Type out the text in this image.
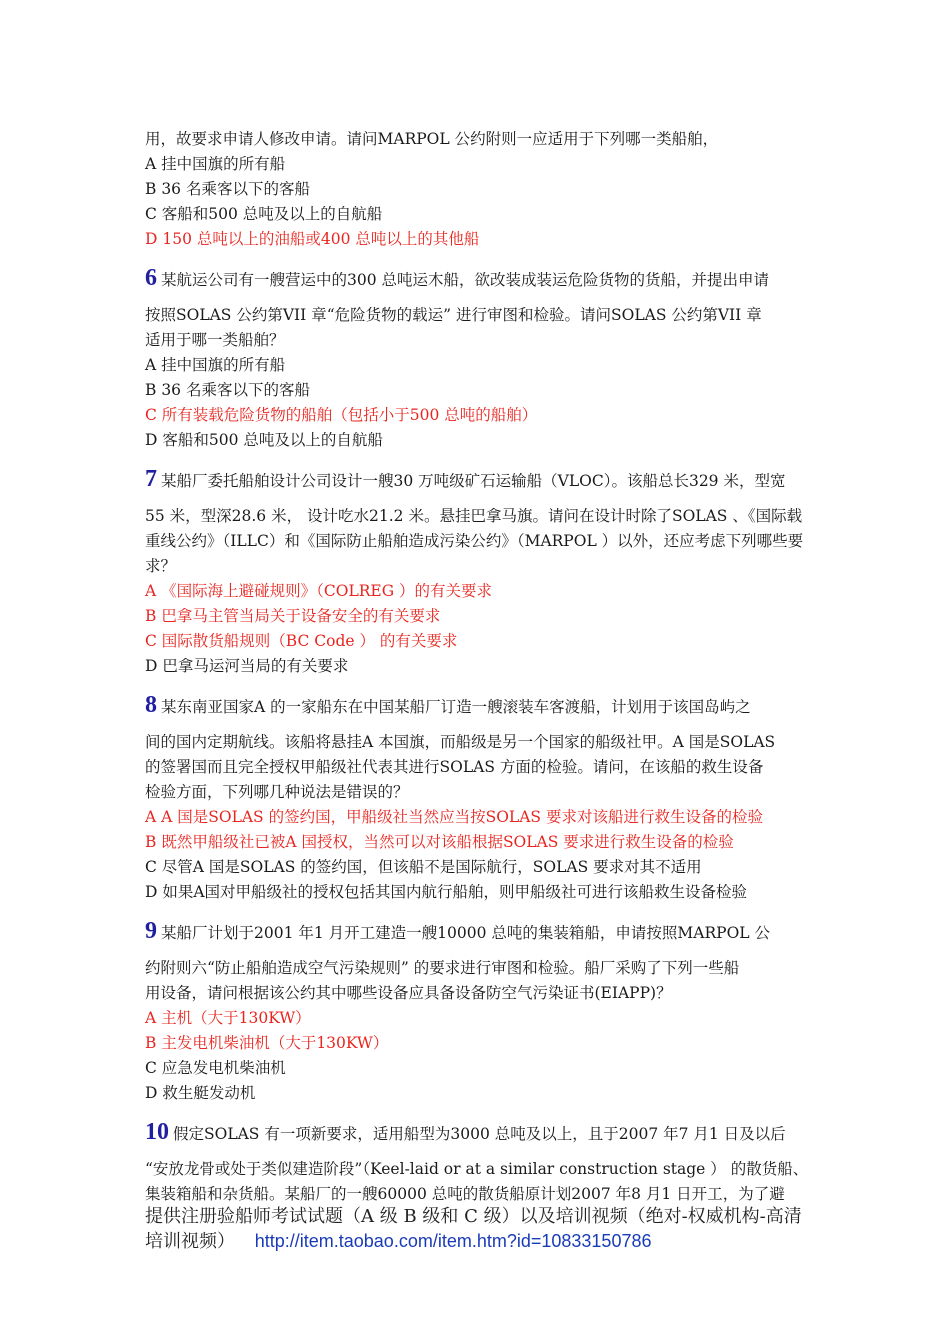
用，故要求申请人修改申请。请问MARPOL 公约附则一应适用于下列哪一类船舶，
A 挂中国旗的所有船
B 36 名乘客以下的客船
C 客船和500 总吨及以上的自航船
D 150 总吨以上的油船或400 总吨以上的其他船
6 某航运公司有一艘营运中的300 总吨运木船，欲改装成装运危险货物的货船，并提出申请
按照SOLAS 公约第VII 章“危险货物的载运” 进行审图和检验。请问SOLAS 公约第VII 章
适用于哪一类船舶？
A 挂中国旗的所有船
B 36 名乘客以下的客船
C 所有装载危险货物的船舶（包括小于500 总吨的船舶）
D 客船和500 总吨及以上的自航船
7 某船厂委托船舶设计公司设计一艘30 万吨级矿石运输船（VLOC）。该船总长329 米，型宽
55 米，型深28.6 米， 设计吃水21.2 米。悬挂巴拿马旗。请问在设计时除了SOLAS 、《国际载
重线公约》（ILLC）和《国际防止船舶造成污染公约》（MARPOL ）以外，还应考虑下列哪些要
求？
A 《国际海上避碰规则》（COLREG ）的有关要求
B 巴拿马主管当局关于设备安全的有关要求
C 国际散货船规则（BC Code ） 的有关要求
D 巴拿马运河当局的有关要求
8 某东南亚国家A 的一家船东在中国某船厂订造一艘滚装车客渡船，计划用于该国岛屿之
间的国内定期航线。该船将悬挂A 本国旗，而船级是另一个国家的船级社甲。A 国是SOLAS
的签署国而且完全授权甲船级社代表其进行SOLAS 方面的检验。请问，在该船的救生设备
检验方面，下列哪几种说法是错误的？
A A 国是SOLAS 的签约国，甲船级社当然应当按SOLAS 要求对该船进行救生设备的检验
B 既然甲船级社已被A 国授权，当然可以对该船根据SOLAS 要求进行救生设备的检验
C 尽管A 国是SOLAS 的签约国，但该船不是国际航行，SOLAS 要求对其不适用
D 如果A国对甲船级社的授权包括其国内航行船舶，则甲船级社可进行该船救生设备检验
9 某船厂计划于2001 年1 月开工建造一艘10000 总吨的集装箱船，申请按照MARPOL 公
约附则六“防止船舶造成空气污染规则” 的要求进行审图和检验。船厂采购了下列一些船
用设备，请问根据该公约其中哪些设备应具备设备防空气污染证书(EIAPP)？
A 主机（大于130KW）
B 主发电机柴油机（大于130KW）
C 应急发电机柴油机
D 救生艇发动机
10 假定SOLAS 有一项新要求，适用船型为3000 总吨及以上，且于2007 年7 月1 日及以后
“安放龙骨或处于类似建造阶段”（Keel-laid or at a similar construction stage ） 的散货船、
集装箱船和杂货船。某船厂的一艘60000 总吨的散货船原计划2007 年8 月1 日开工，为了避
提供注册验船师考试试题（A 级 B 级和 C 级）以及培训视频（绝对-权威机构-高清
培训视频） http://item.taobao.com/item.htm?id=10833150786
